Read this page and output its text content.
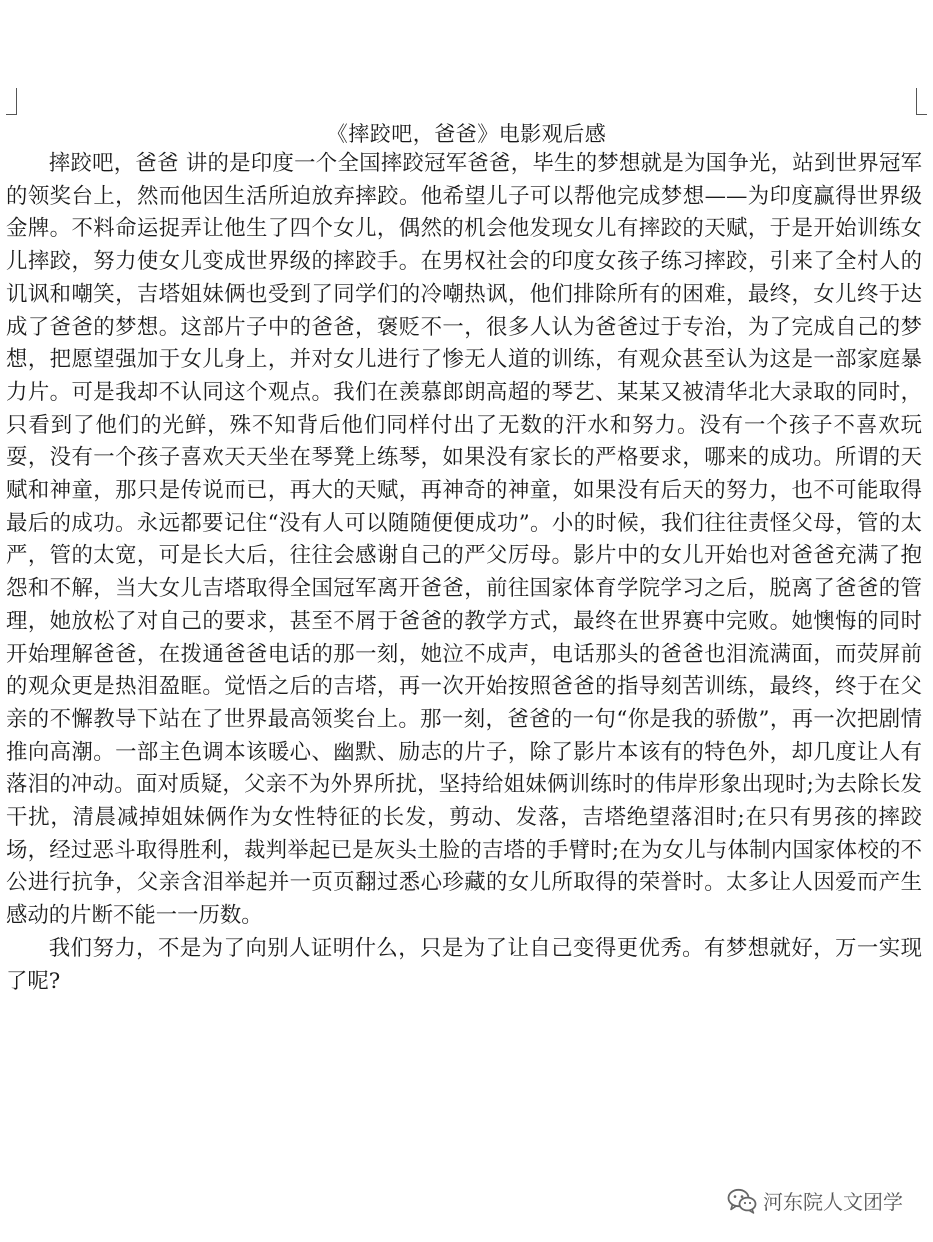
《摔跤吧，爸爸》电影观后感

摔跤吧，爸爸 讲的是印度一个全国摔跤冠军爸爸，毕生的梦想就是为国争光，站到世界冠军的领奖台上，然而他因生活所迫放弃摔跤。他希望儿子可以帮他完成梦想——为印度赢得世界级金牌。不料命运捉弄让他生了四个女儿，偶然的机会他发现女儿有摔跤的天赋，于是开始训练女儿摔跤，努力使女儿变成世界级的摔跤手。在男权社会的印度女孩子练习摔跤，引来了全村人的讥讽和嘲笑，吉塔姐妹俩也受到了同学们的冷嘲热讽，他们排除所有的困难，最终，女儿终于达成了爸爸的梦想。这部片子中的爸爸，褒贬不一，很多人认为爸爸过于专治，为了完成自己的梦想，把愿望强加于女儿身上，并对女儿进行了惨无人道的训练，有观众甚至认为这是一部家庭暴力片。可是我却不认同这个观点。我们在羡慕郎朗高超的琴艺、某某又被清华北大录取的同时，只看到了他们的光鲜，殊不知背后他们同样付出了无数的汗水和努力。没有一个孩子不喜欢玩耍，没有一个孩子喜欢天天坐在琴凳上练琴，如果没有家长的严格要求，哪来的成功。所谓的天赋和神童，那只是传说而已，再大的天赋，再神奇的神童，如果没有后天的努力，也不可能取得最后的成功。永远都要记住“没有人可以随随便便成功”。小的时候，我们往往责怪父母，管的太严，管的太宽，可是长大后，往往会感谢自己的严父厉母。影片中的女儿开始也对爸爸充满了抱怨和不解，当大女儿吉塔取得全国冠军离开爸爸，前往国家体育学院学习之后，脱离了爸爸的管理，她放松了对自己的要求，甚至不屑于爸爸的教学方式，最终在世界赛中完败。她懊悔的同时开始理解爸爸，在拨通爸爸电话的那一刻，她泣不成声，电话那头的爸爸也泪流满面，而荧屏前的观众更是热泪盈眶。觉悟之后的吉塔，再一次开始按照爸爸的指导刻苦训练，最终，终于在父亲的不懈教导下站在了世界最高领奖台上。那一刻，爸爸的一句“你是我的骄傲”，再一次把剧情推向高潮。一部主色调本该暖心、幽默、励志的片子，除了影片本该有的特色外，却几度让人有落泪的冲动。面对质疑，父亲不为外界所扰，坚持给姐妹俩训练时的伟岸形象出现时;为去除长发干扰，清晨减掉姐妹俩作为女性特征的长发，剪动、发落，吉塔绝望落泪时;在只有男孩的摔跤场，经过恶斗取得胜利，裁判举起已是灰头土脸的吉塔的手臂时;在为女儿与体制内国家体校的不公进行抗争，父亲含泪举起并一页页翻过悉心珍藏的女儿所取得的荣誉时。太多让人因爱而产生感动的片断不能一一历数。

我们努力，不是为了向别人证明什么，只是为了让自己变得更优秀。有梦想就好，万一实现了呢?

河东院人文团学
